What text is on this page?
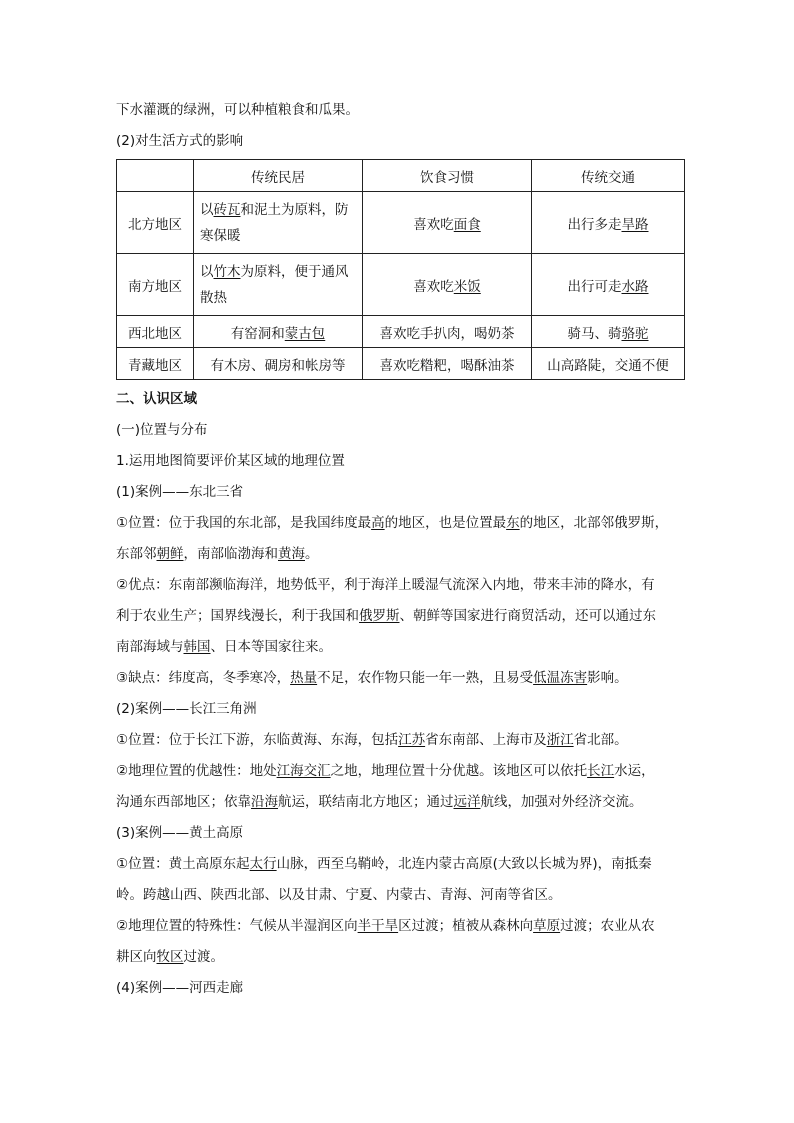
下水灌溉的绿洲，可以种植粮食和瓜果。
(2)对生活方式的影响
	传统民居	饮食习惯	传统交通
北方地区	以砖瓦和泥土为原料，防寒保暖	喜欢吃面食	出行多走旱路
南方地区	以竹木为原料，便于通风散热	喜欢吃米饭	出行可走水路
西北地区	有窑洞和蒙古包	喜欢吃手扒肉，喝奶茶	骑马、骑骆驼
青藏地区	有木房、碉房和帐房等	喜欢吃糌粑，喝酥油茶	山高路陡，交通不便
二、认识区域
(一)位置与分布
1.运用地图简要评价某区域的地理位置
(1)案例——东北三省
①位置：位于我国的东北部，是我国纬度最高的地区，也是位置最东的地区，北部邻俄罗斯，
东部邻朝鲜，南部临渤海和黄海。
②优点：东南部濒临海洋，地势低平，利于海洋上暖湿气流深入内地，带来丰沛的降水，有
利于农业生产；国界线漫长，利于我国和俄罗斯、朝鲜等国家进行商贸活动，还可以通过东
南部海域与韩国、日本等国家往来。
③缺点：纬度高，冬季寒冷，热量不足，农作物只能一年一熟，且易受低温冻害影响。
(2)案例——长江三角洲
①位置：位于长江下游，东临黄海、东海，包括江苏省东南部、上海市及浙江省北部。
②地理位置的优越性：地处江海交汇之地，地理位置十分优越。该地区可以依托长江水运，
沟通东西部地区；依靠沿海航运，联结南北方地区；通过远洋航线，加强对外经济交流。
(3)案例——黄土高原
①位置：黄土高原东起太行山脉，西至乌鞘岭，北连内蒙古高原(大致以长城为界)，南抵秦
岭。跨越山西、陕西北部、以及甘肃、宁夏、内蒙古、青海、河南等省区。
②地理位置的特殊性：气候从半湿润区向半干旱区过渡；植被从森林向草原过渡；农业从农
耕区向牧区过渡。
(4)案例——河西走廊
